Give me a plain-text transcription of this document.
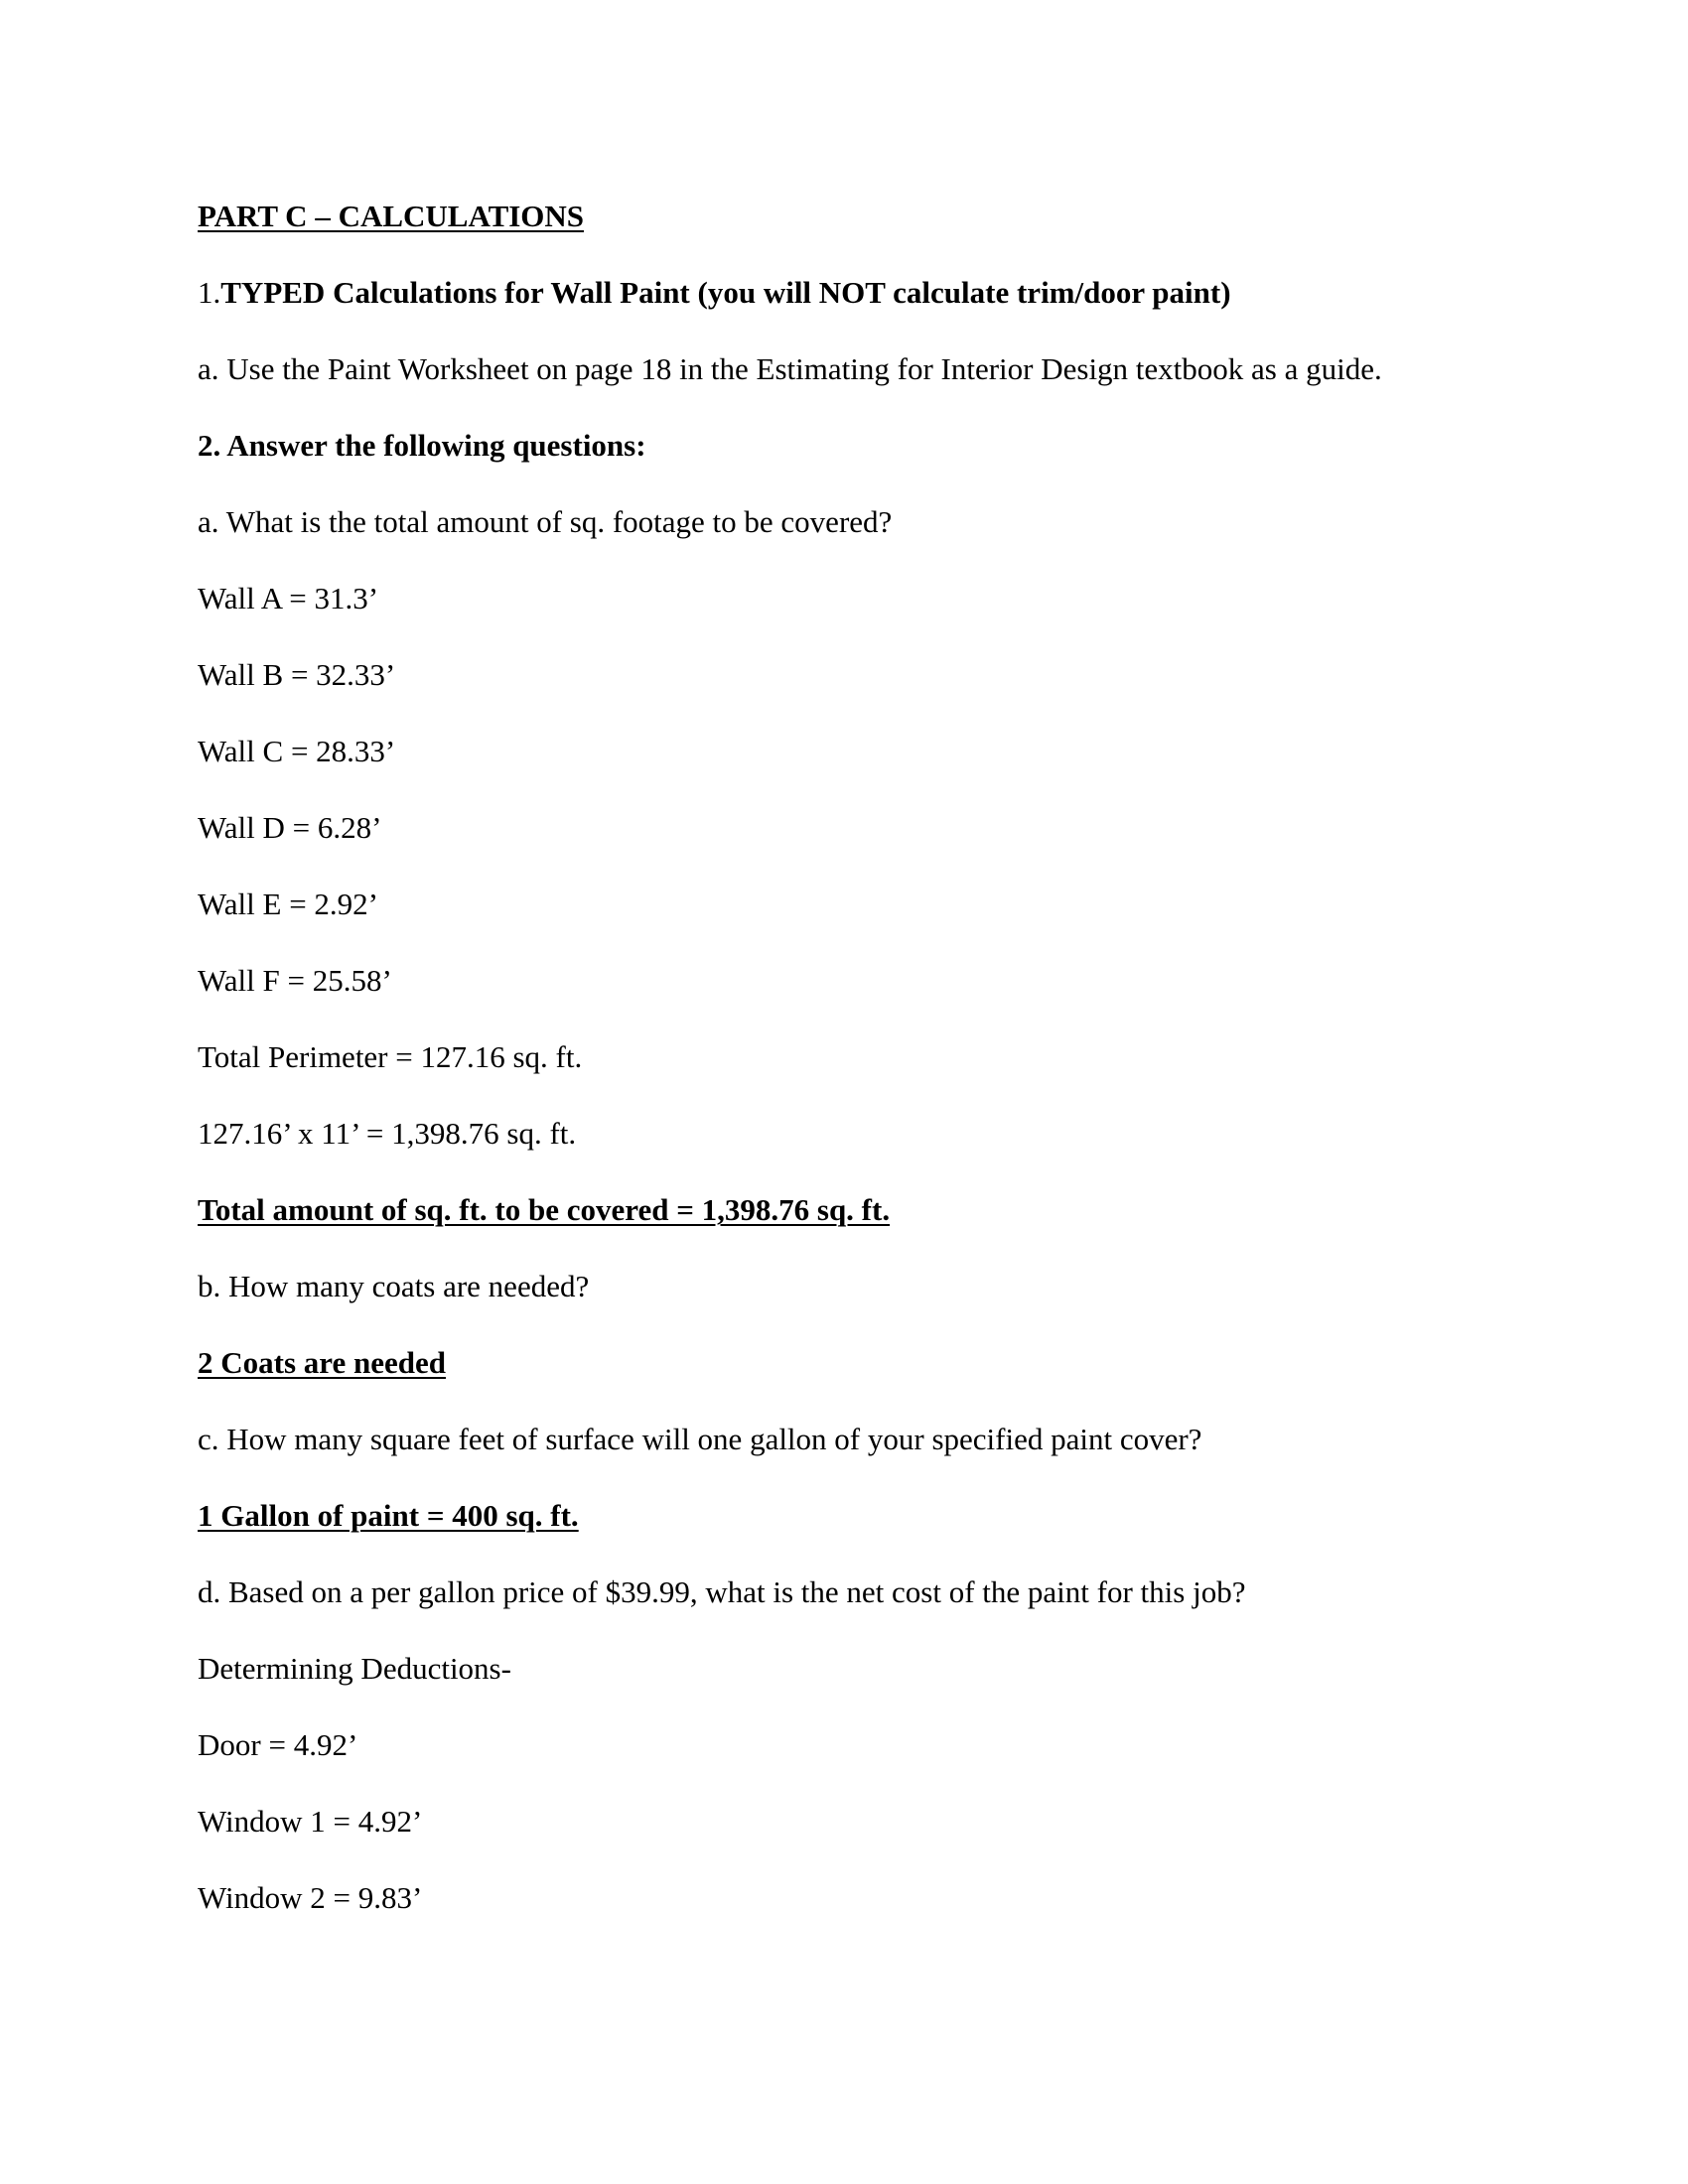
PART C – CALCULATIONS
1.TYPED Calculations for Wall Paint (you will NOT calculate trim/door paint)
a. Use the Paint Worksheet on page 18 in the Estimating for Interior Design textbook as a guide.
2. Answer the following questions:
a. What is the total amount of sq. footage to be covered?
Wall A = 31.3’
Wall B = 32.33’
Wall C = 28.33’
Wall D = 6.28’
Wall E = 2.92’
Wall F = 25.58’
Total Perimeter = 127.16 sq. ft.
127.16’ x 11’ = 1,398.76 sq. ft.
Total amount of sq. ft. to be covered = 1,398.76 sq. ft.
b. How many coats are needed?
2 Coats are needed
c. How many square feet of surface will one gallon of your specified paint cover?
1 Gallon of paint = 400 sq. ft.
d. Based on a per gallon price of $39.99, what is the net cost of the paint for this job?
Determining Deductions-
Door = 4.92’
Window 1 = 4.92’
Window 2 = 9.83’
